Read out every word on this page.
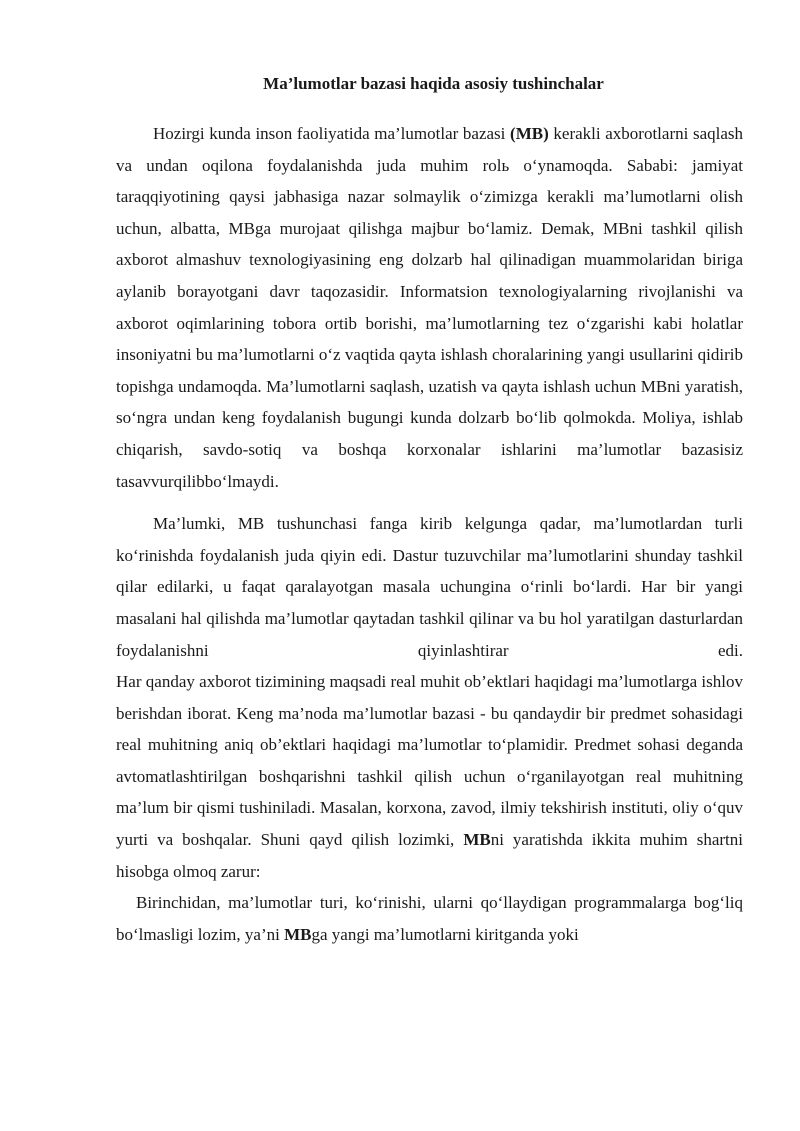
Ma’lumotlar bazasi haqida asosiy tushinchalar

Hozirgi kunda inson faoliyatida ma’lumotlar bazasi (MB) kerakli axborotlarni saqlash va undan oqilona foydalanishda juda muhim rolь oʻynamoqda. Sababi: jamiyat taraqqiyotining qaysi jabhasiga nazar solmaylik oʻzimizga kerakli ma’lumotlarni olish uchun, albatta, MBga murojaat qilishga majbur boʻlamiz. Demak, MBni tashkil qilish axborot almashuv texnologiyasining eng dolzarb hal qilinadigan muammolaridan biriga aylanib borayotgani davr taqozasidir. Informatsion texnologiyalarning rivojlanishi va axborot oqimlarining tobora ortib borishi, ma’lumotlarning tez oʻzgarishi kabi holatlar insoniyatni bu ma’lumotlarni oʻz vaqtida qayta ishlash choralarining yangi usullarini qidirib topishga undamoqda. Ma’lumotlarni saqlash, uzatish va qayta ishlash uchun MBni yaratish, soʻngra undan keng foydalanish bugungi kunda dolzarb boʻlib qolmokda. Moliya, ishlab chiqarish, savdo-sotiq va boshqa korxonalar ishlarini ma’lumotlar bazasisiz tasavvurqilibboʻlmaydi.

Ma’lumki, MB tushunchasi fanga kirib kelgunga qadar, ma’lumotlardan turli koʻrinishda foydalanish juda qiyin edi. Dastur tuzuvchilar ma’lumotlarini shunday tashkil qilar edilarki, u faqat qaralayotgan masala uchungina oʻrinli boʻlardi. Har bir yangi masalani hal qilishda ma’lumotlar qaytadan tashkil qilinar va bu hol yaratilgan dasturlardan foydalanishni qiyinlashtirar edi.

Har qanday axborot tizimining maqsadi real muhit ob’ektlari haqidagi ma’lumotlarga ishlov berishdan iborat. Keng ma’noda ma’lumotlar bazasi - bu qandaydir bir predmet sohasidagi real muhitning aniq ob’ektlari haqidagi ma’lumotlar toʻplamidir. Predmet sohasi deganda avtomatlashtirilgan boshqarishni tashkil qilish uchun oʻrganilayotgan real muhitning ma’lum bir qismi tushiniladi. Masalan, korxona, zavod, ilmiy tekshirish instituti, oliy oʻquv yurti va boshqalar. Shuni qayd qilish lozimki, MBni yaratishda ikkita muhim shartni hisobga olmoq zarur:

Birinchidan, ma’lumotlar turi, koʻrinishi, ularni qoʻllaydigan programmalarga bogʻliq boʻlmasligi lozim, ya’ni MBga yangi ma’lumotlarni kiritganda yoki
